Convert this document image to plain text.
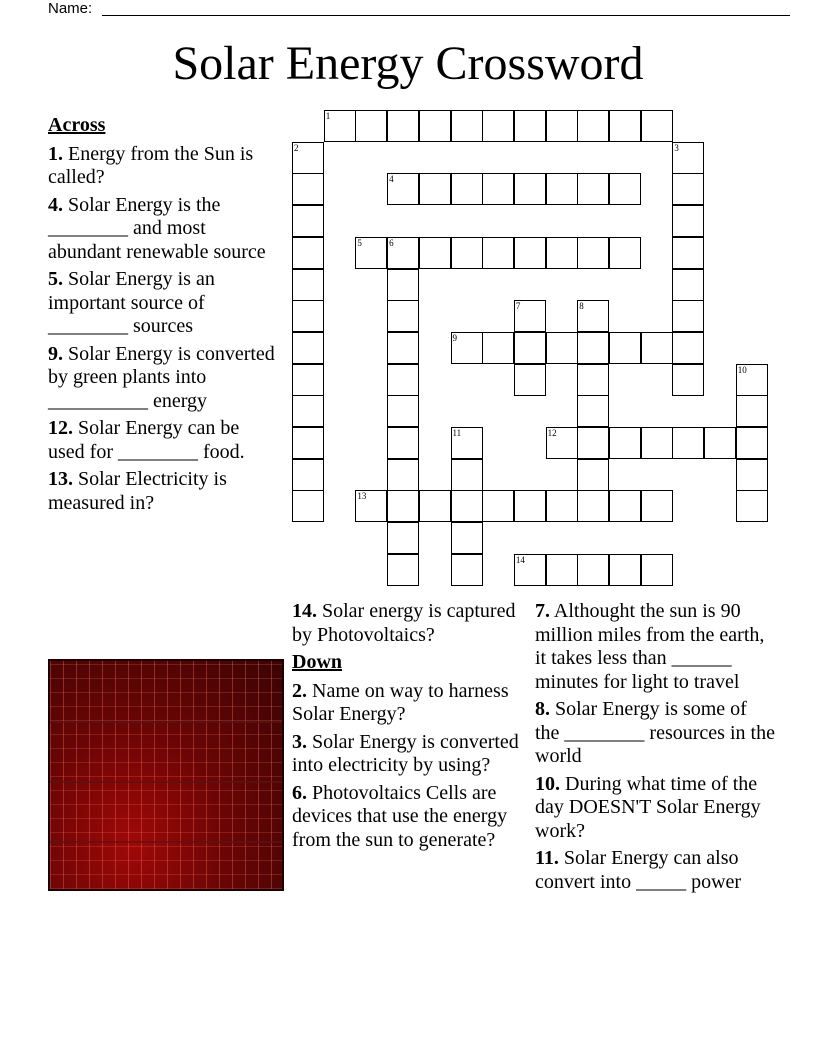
Name:
Solar Energy Crossword
1
2	3
4
5	6
7	8
9
10
11	12
13
14
Across
1. Energy from the Sun is called?
4. Solar Energy is the ________ and most abundant renewable source
5. Solar Energy is an important source of ________ sources
9. Solar Energy is converted by green plants into __________ energy
12. Solar Energy can be used for ________ food.
13. Solar Electricity is measured in?
14. Solar energy is captured by Photovoltaics?
Down
2. Name on way to harness Solar Energy?
3. Solar Energy is converted into electricity by using?
6. Photovoltaics Cells are devices that use the energy from the sun to generate?
7. Althought the sun is 90 million miles from the earth, it takes less than ______ minutes for light to travel
8. Solar Energy is some of the ________ resources in the world
10. During what time of the day DOESN'T Solar Energy work?
11. Solar Energy can also convert into _____ power
